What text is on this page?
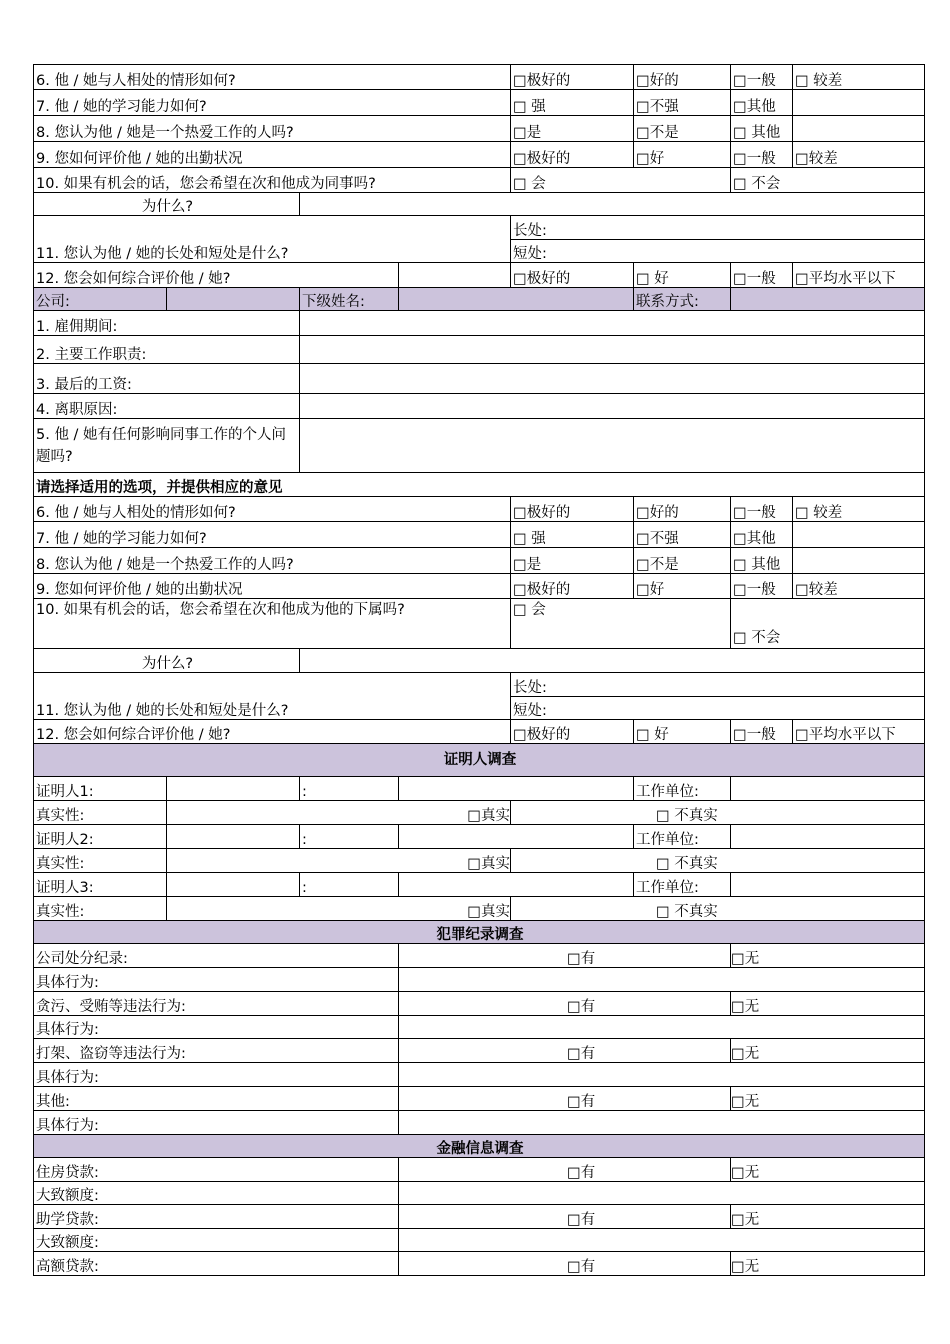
6. 他 / 她与人相处的情形如何?				□极好的	□好的	□一般	□ 较差
7. 他 / 她的学习能力如何?				□ 强	□不强	□其他	
8. 您认为他 / 她是一个热爱工作的人吗?				□是	□不是	□ 其他	
9. 您如何评价他 / 她的出勤状况				□极好的	□好	□一般	□较差
10. 如果有机会的话，您会希望在次和他成为同事吗?				□ 会		□ 不会	
为什么?							
11. 您认为他 / 她的长处和短处是什么?				长处:			
				短处:			
12. 您会如何综合评价他 / 她?				□极好的	□ 好	□一般	□平均水平以下
公司:		下级姓名:			联系方式:		
1. 雇佣期间:							
2. 主要工作职责:							
3. 最后的工资:							
4. 离职原因:							
5. 他 / 她有任何影响同事工作的个人问题吗?							
请选择适用的选项，并提供相应的意见							
6. 他 / 她与人相处的情形如何?				□极好的	□好的	□一般	□ 较差
7. 他 / 她的学习能力如何?				□ 强	□不强	□其他	
8. 您认为他 / 她是一个热爱工作的人吗?				□是	□不是	□ 其他	
9. 您如何评价他 / 她的出勤状况				□极好的	□好	□一般	□较差
10. 如果有机会的话，您会希望在次和他成为他的下属吗?				□ 会		□ 不会	
为什么?							
11. 您认为他 / 她的长处和短处是什么?				长处:			
				短处:			
12. 您会如何综合评价他 / 她?				□极好的	□ 好	□一般	□平均水平以下
证明人调查							
证明人1:		:			工作单位:		
真实性:	□真实			□ 不真实			
证明人2:		:			工作单位:		
真实性:	□真实			□ 不真实			
证明人3:		:			工作单位:		
真实性:	□真实			□ 不真实			
犯罪纪录调查							
公司处分纪录:			□有			□无	
具体行为:							
贪污、受贿等违法行为:			□有			□无	
具体行为:							
打架、盗窃等违法行为:			□有			□无	
具体行为:							
其他:			□有			□无	
具体行为:							
金融信息调查							
住房贷款:			□有			□无	
大致额度:							
助学贷款:			□有			□无	
大致额度:							
高额贷款:			□有			□无	
